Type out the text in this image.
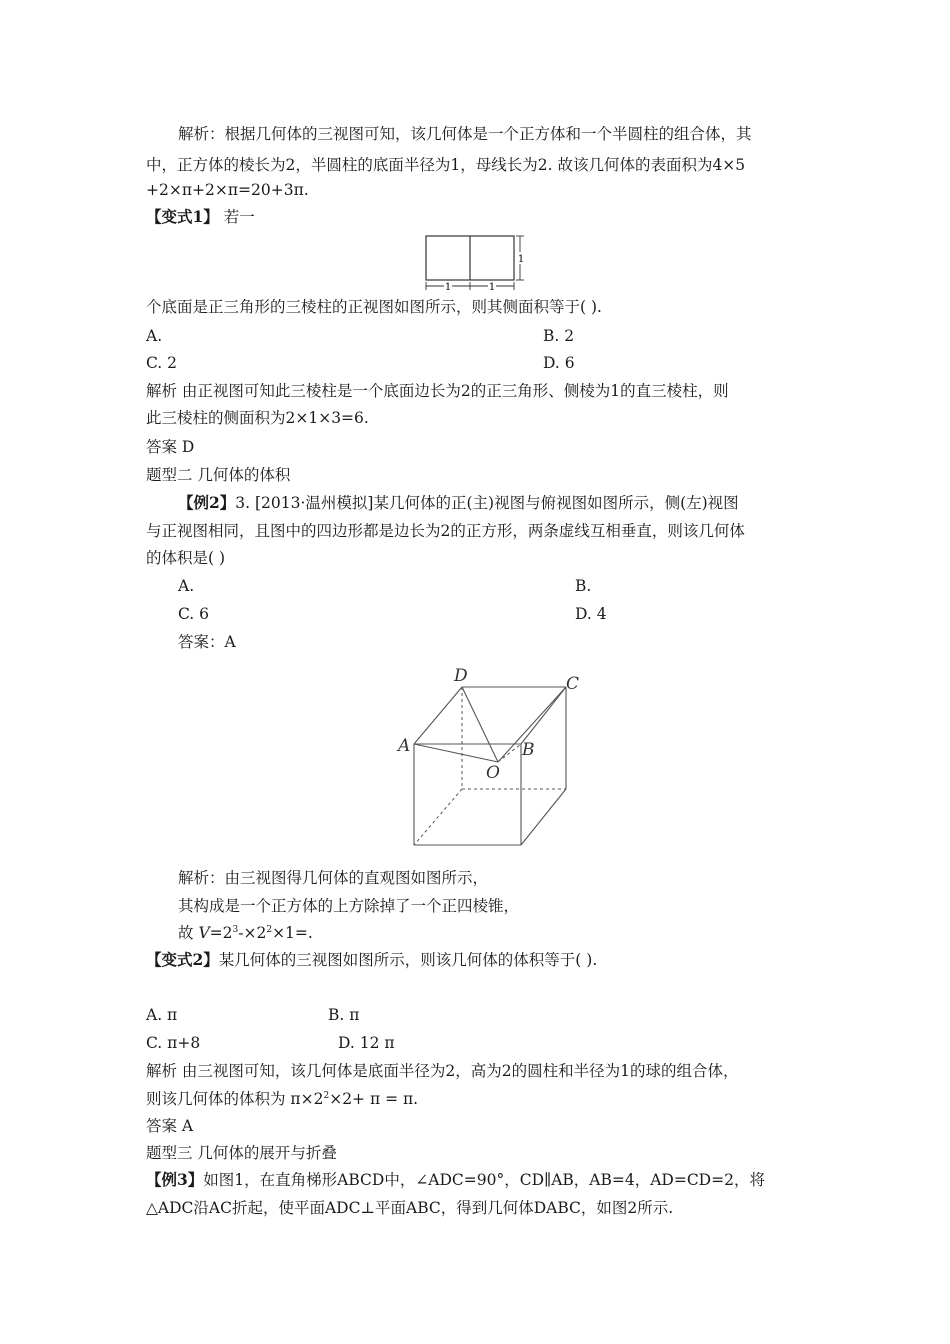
解析：根据几何体的三视图可知，该几何体是一个正方体和一个半圆柱的组合体，其
中，正方体的棱长为2，半圆柱的底面半径为1，母线长为2. 故该几何体的表面积为4×5
+2×π+2×π=20+3π.
【变式1】 若一
1	1
1
个底面是正三角形的三棱柱的正视图如图所示，则其侧面积等于( ).
A.	B. 2
C. 2	D. 6
解析 由正视图可知此三棱柱是一个底面边长为2的正三角形、侧棱为1的直三棱柱，则
此三棱柱的侧面积为2×1×3=6.
答案 D
题型二 几何体的体积
【例2】3. [2013·温州模拟]某几何体的正(主)视图与俯视图如图所示，侧(左)视图
与正视图相同，且图中的四边形都是边长为2的正方形，两条虚线互相垂直，则该几何体
的体积是( )
A.	B.
C. 6	D. 4
答案：A
D	C
A	B
O
解析：由三视图得几何体的直观图如图所示，
其构成是一个正方体的上方除掉了一个正四棱锥，
故 $V=2^3-\times 2^2\times 1=$.
【变式2】某几何体的三视图如图所示，则该几何体的体积等于( ).
A. π	B. π
C. π+8	D. 12 π
解析 由三视图可知，该几何体是底面半径为2，高为2的圆柱和半径为1的球的组合体，
则该几何体的体积为 $\pi\times 2^2\times 2+ \pi = \pi$.
答案 A
题型三 几何体的展开与折叠
【例3】如图1，在直角梯形ABCD中，∠ADC=90°，CD∥AB，AB=4，AD=CD=2，将
△ADC沿AC折起，使平面ADC⊥平面ABC，得到几何体DABC，如图2所示.
